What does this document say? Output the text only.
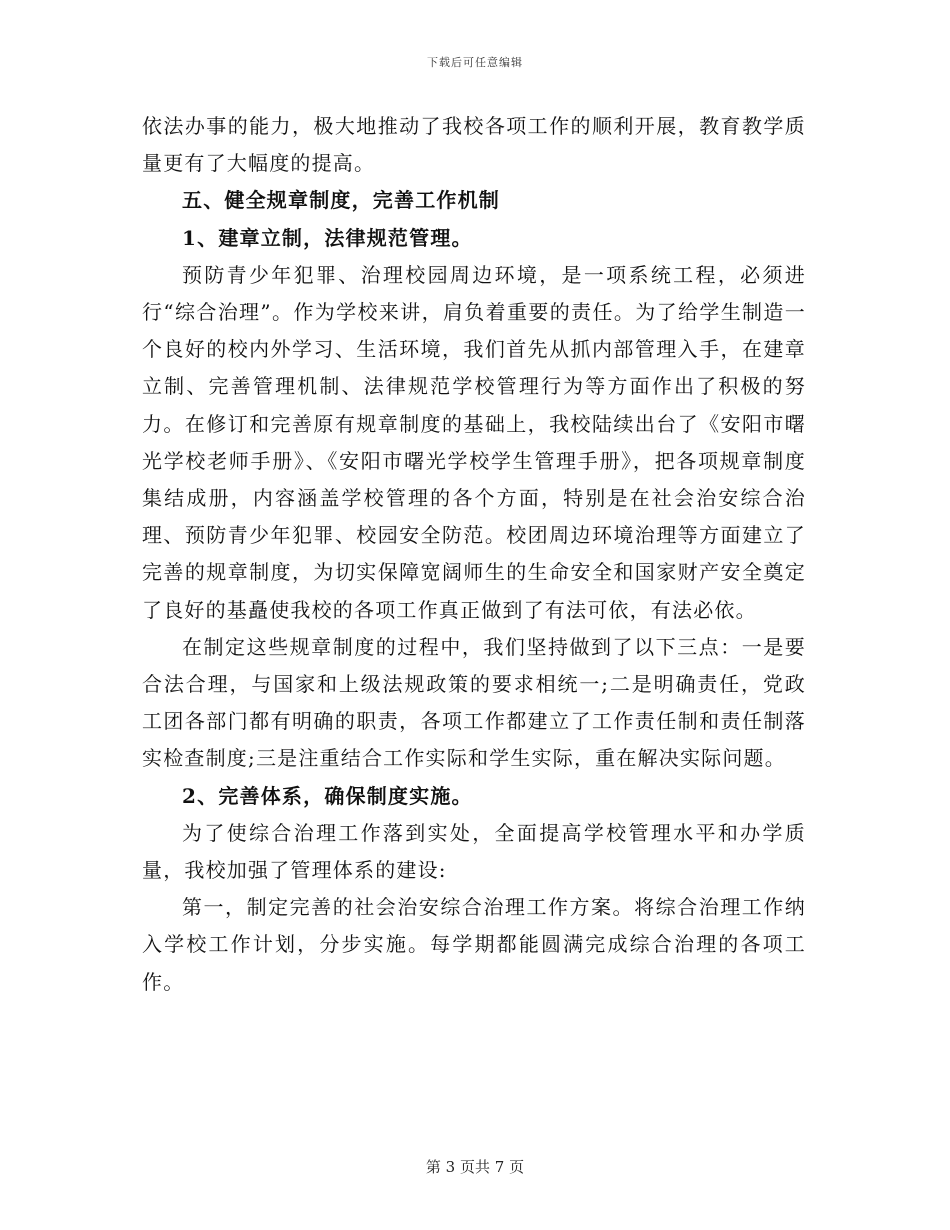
下载后可任意编辑

依法办事的能力，极大地推动了我校各项工作的顺利开展，教育教学质量更有了大幅度的提高。

五、健全规章制度，完善工作机制

1、建章立制，法律规范管理。

预防青少年犯罪、治理校园周边环境，是一项系统工程，必须进行“综合治理”。作为学校来讲，肩负着重要的责任。为了给学生制造一个良好的校内外学习、生活环境，我们首先从抓内部管理入手，在建章立制、完善管理机制、法律规范学校管理行为等方面作出了积极的努力。在修订和完善原有规章制度的基础上，我校陆续出台了《安阳市曙光学校老师手册》、《安阳市曙光学校学生管理手册》，把各项规章制度集结成册，内容涵盖学校管理的各个方面，特别是在社会治安综合治理、预防青少年犯罪、校园安全防范。校团周边环境治理等方面建立了完善的规章制度，为切实保障宽阔师生的生命安全和国家财产安全奠定了良好的基矗使我校的各项工作真正做到了有法可依，有法必依。

在制定这些规章制度的过程中，我们坚持做到了以下三点：一是要合法合理，与国家和上级法规政策的要求相统一;二是明确责任，党政工团各部门都有明确的职责，各项工作都建立了工作责任制和责任制落实检查制度;三是注重结合工作实际和学生实际，重在解决实际问题。

2、完善体系，确保制度实施。

为了使综合治理工作落到实处，全面提高学校管理水平和办学质量，我校加强了管理体系的建设:

第一，制定完善的社会治安综合治理工作方案。将综合治理工作纳入学校工作计划，分步实施。每学期都能圆满完成综合治理的各项工作。

第 3 页共 7 页
